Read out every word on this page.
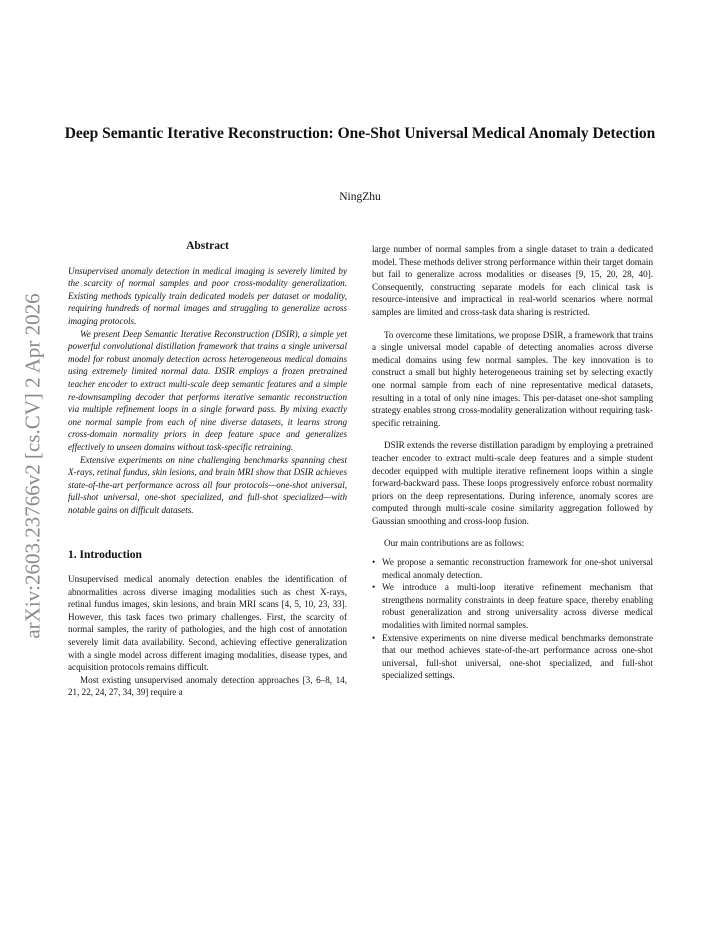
arXiv:2603.23766v2 [cs.CV] 2 Apr 2026
Deep Semantic Iterative Reconstruction: One-Shot Universal Medical Anomaly Detection
NingZhu
Abstract

Unsupervised anomaly detection in medical imaging is severely limited by the scarcity of normal samples and poor cross-modality generalization. Existing methods typically train dedicated models per dataset or modality, requiring hundreds of normal images and struggling to generalize across imaging protocols.

We present Deep Semantic Iterative Reconstruction (DSIR), a simple yet powerful convolutional distillation framework that trains a single universal model for robust anomaly detection across heterogeneous medical domains using extremely limited normal data. DSIR employs a frozen pretrained teacher encoder to extract multi-scale deep semantic features and a simple re-downsampling decoder that performs iterative semantic reconstruction via multiple refinement loops in a single forward pass. By mixing exactly one normal sample from each of nine diverse datasets, it learns strong cross-domain normality priors in deep feature space and generalizes effectively to unseen domains without task-specific retraining.

Extensive experiments on nine challenging benchmarks spanning chest X-rays, retinal fundus, skin lesions, and brain MRI show that DSIR achieves state-of-the-art performance across all four protocols—one-shot universal, full-shot universal, one-shot specialized, and full-shot specialized—with notable gains on difficult datasets.

1. Introduction

Unsupervised medical anomaly detection enables the identification of abnormalities across diverse imaging modalities such as chest X-rays, retinal fundus images, skin lesions, and brain MRI scans [4, 5, 10, 23, 33]. However, this task faces two primary challenges. First, the scarcity of normal samples, the rarity of pathologies, and the high cost of annotation severely limit data availability. Second, achieving effective generalization with a single model across different imaging modalities, disease types, and acquisition protocols remains difficult.

Most existing unsupervised anomaly detection approaches [3, 6–8, 14, 21, 22, 24, 27, 34, 39] require a

large number of normal samples from a single dataset to train a dedicated model. These methods deliver strong performance within their target domain but fail to generalize across modalities or diseases [9, 15, 20, 28, 40]. Consequently, constructing separate models for each clinical task is resource-intensive and impractical in real-world scenarios where normal samples are limited and cross-task data sharing is restricted.

To overcome these limitations, we propose DSIR, a framework that trains a single universal model capable of detecting anomalies across diverse medical domains using few normal samples. The key innovation is to construct a small but highly heterogeneous training set by selecting exactly one normal sample from each of nine representative medical datasets, resulting in a total of only nine images. This per-dataset one-shot sampling strategy enables strong cross-modality generalization without requiring task-specific retraining.

DSIR extends the reverse distillation paradigm by employing a pretrained teacher encoder to extract multi-scale deep features and a simple student decoder equipped with multiple iterative refinement loops within a single forward-backward pass. These loops progressively enforce robust normality priors on the deep representations. During inference, anomaly scores are computed through multi-scale cosine similarity aggregation followed by Gaussian smoothing and cross-loop fusion.

Our main contributions are as follows:

• We propose a semantic reconstruction framework for one-shot universal medical anomaly detection.
• We introduce a multi-loop iterative refinement mechanism that strengthens normality constraints in deep feature space, thereby enabling robust generalization and strong universality across diverse medical modalities with limited normal samples.
• Extensive experiments on nine diverse medical benchmarks demonstrate that our method achieves state-of-the-art performance across one-shot universal, full-shot universal, one-shot specialized, and full-shot specialized settings.
